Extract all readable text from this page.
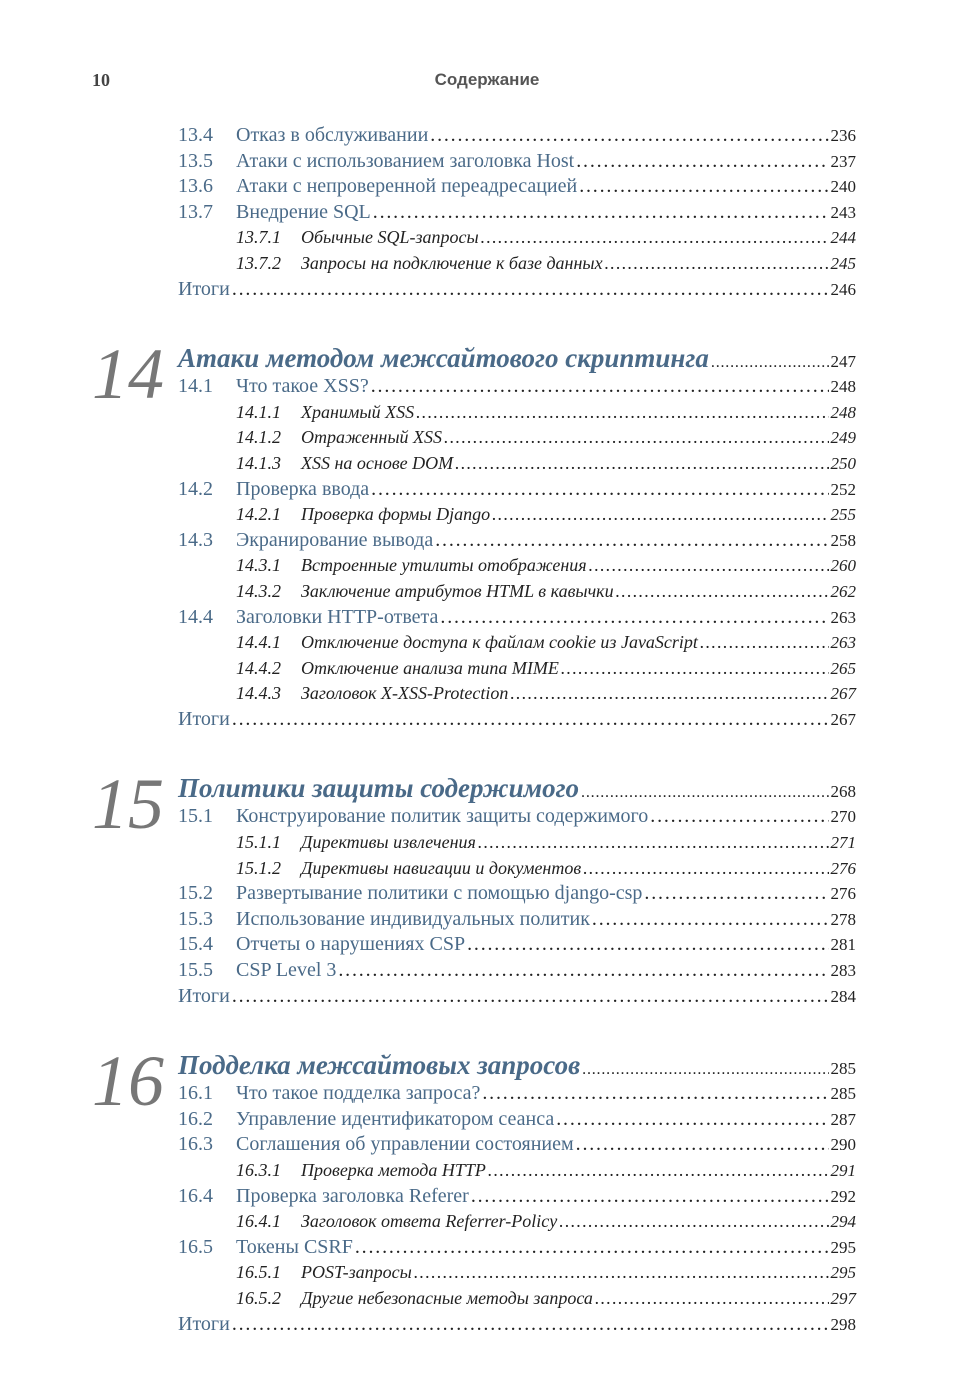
10	Содержание
13.4	Отказ в обслуживании . . .	236
13.5	Атаки с использованием заголовка Host . . .	237
13.6	Атаки с непроверенной переадресацией . . .	240
13.7	Внедрение SQL . . .	243
13.7.1	Обычные SQL-запросы . . .	244
13.7.2	Запросы на подключение к базе данных . . .	245
Итоги . . .	246
14 Атаки методом межсайтового скриптинга . . .	247
14.1	Что такое XSS? . . .	248
14.1.1	Хранимый XSS . . .	248
14.1.2	Отраженный XSS . . .	249
14.1.3	XSS на основе DOM . . .	250
14.2	Проверка ввода . . .	252
14.2.1	Проверка формы Django . . .	255
14.3	Экранирование вывода . . .	258
14.3.1	Встроенные утилиты отображения . . .	260
14.3.2	Заключение атрибутов HTML в кавычки . . .	262
14.4	Заголовки HTTP-ответа . . .	263
14.4.1	Отключение доступа к файлам cookie из JavaScript . . .	263
14.4.2	Отключение анализа типа MIME . . .	265
14.4.3	Заголовок X-XSS-Protection . . .	267
Итоги . . .	267
15 Политики защиты содержимого . . .	268
15.1	Конструирование политик защиты содержимого . . .	270
15.1.1	Директивы извлечения . . .	271
15.1.2	Директивы навигации и документов . . .	276
15.2	Развертывание политики с помощью django-csp . . .	276
15.3	Использование индивидуальных политик . . .	278
15.4	Отчеты о нарушениях CSP . . .	281
15.5	CSP Level 3 . . .	283
Итоги . . .	284
16 Подделка межсайтовых запросов . . .	285
16.1	Что такое подделка запроса? . . .	285
16.2	Управление идентификатором сеанса . . .	287
16.3	Соглашения об управлении состоянием . . .	290
16.3.1	Проверка метода HTTP . . .	291
16.4	Проверка заголовка Referer . . .	292
16.4.1	Заголовок ответа Referrer-Policy . . .	294
16.5	Токены CSRF . . .	295
16.5.1	POST-запросы . . .	295
16.5.2	Другие небезопасные методы запроса . . .	297
Итоги . . .	298
